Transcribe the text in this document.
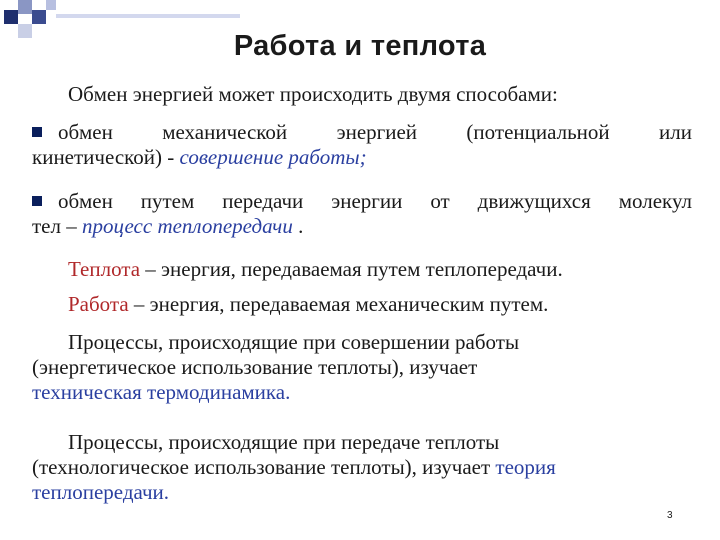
Работа и теплота
Обмен энергией может происходить двумя способами:
обмен механической энергией (потенциальной или
кинетической) - совершение работы;
обмен путем передачи энергии от движущихся молекул
тел – процесс теплопередачи .
Теплота – энергия, передаваемая путем теплопередачи.
Работа – энергия, передаваемая механическим путем.
Процессы, происходящие при совершении работы
(энергетическое использование теплоты), изучает
техническая термодинамика.
Процессы, происходящие при передаче теплоты
(технологическое использование теплоты), изучает теория
теплопередачи.
3
